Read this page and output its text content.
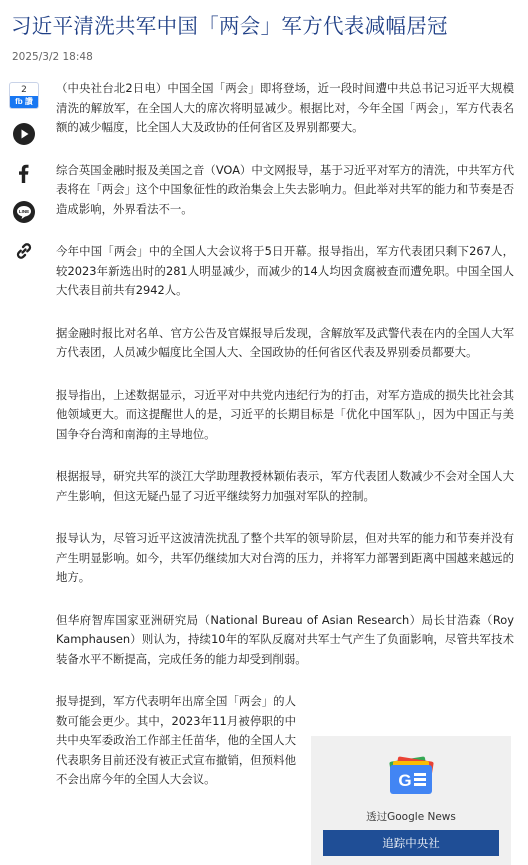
习近平清洗共军中国「两会」军方代表减幅居冠
2025/3/2 18:48
2
fb 讚
LINE

（中央社台北2日电）中国全国「两会」即将登场，近一段时间遭中共总书记习近平大规模清洗的解放军，在全国人大的席次将明显减少。根据比对，今年全国「两会」，军方代表名额的减少幅度，比全国人大及政协的任何省区及界别都要大。

综合英国金融时报及美国之音（VOA）中文网报导，基于习近平对军方的清洗，中共军方代表将在「两会」这个中国象征性的政治集会上失去影响力。但此举对共军的能力和节奏是否造成影响，外界看法不一。

今年中国「两会」中的全国人大会议将于5日开幕。报导指出，军方代表团只剩下267人，较2023年新选出时的281人明显减少，而减少的14人均因贪腐被查而遭免职。中国全国人大代表目前共有2942人。

据金融时报比对名单、官方公告及官媒报导后发现，含解放军及武警代表在内的全国人大军方代表团，人员减少幅度比全国人大、全国政协的任何省区代表及界别委员都要大。

报导指出，上述数据显示，习近平对中共党内违纪行为的打击，对军方造成的损失比社会其他领域更大。而这提醒世人的是，习近平的长期目标是「优化中国军队」，因为中国正与美国争夺台湾和南海的主导地位。

根据报导，研究共军的淡江大学助理教授林颖佑表示，军方代表团人数减少不会对全国人大产生影响，但这无疑凸显了习近平继续努力加强对军队的控制。

报导认为，尽管习近平这波清洗扰乱了整个共军的领导阶层，但对共军的能力和节奏并没有产生明显影响。如今，共军仍继续加大对台湾的压力，并将军力部署到距离中国越来越远的地方。

但华府智库国家亚洲研究局（National Bureau of Asian Research）局长甘浩森（Roy Kamphausen）则认为，持续10年的军队反腐对共军士气产生了负面影响，尽管共军技术装备水平不断提高，完成任务的能力却受到削弱。

报导提到，军方代表明年出席全国「两会」的人数可能会更少。其中，2023年11月被停职的中共中央军委政治工作部主任苗华，他的全国人大代表职务目前还没有被正式宣布撤销，但预料他不会出席今年的全国人大会议。	G
透过Google News
追踪中央社
